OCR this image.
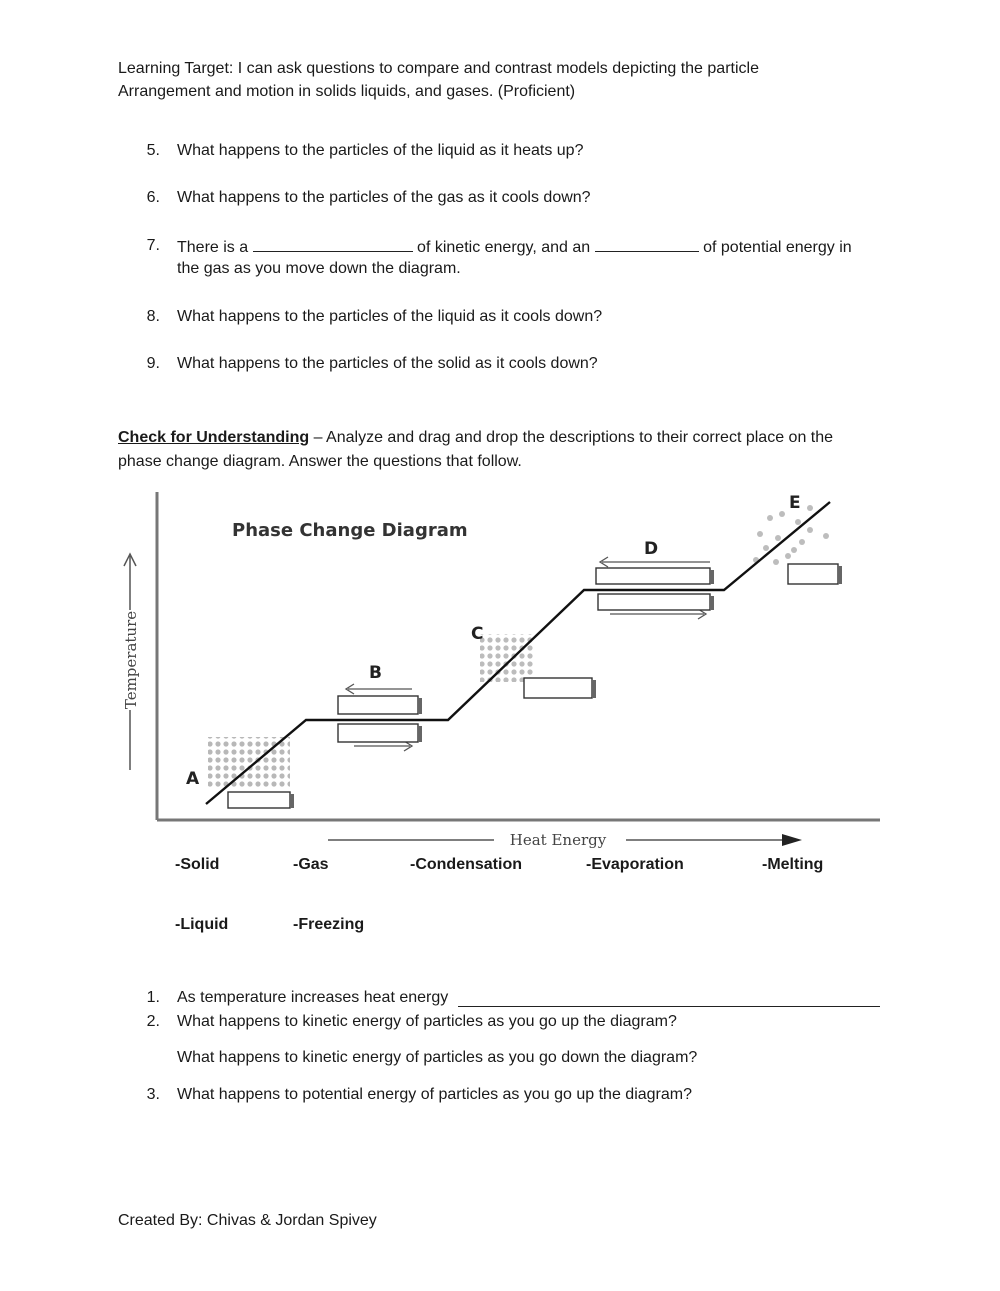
Learning Target: I can ask questions to compare and contrast models depicting the particle
Arrangement and motion in solids liquids, and gases. (Proficient)
5. What happens to the particles of the liquid as it heats up?
6. What happens to the particles of the gas as it cools down?
7. There is a	of kinetic energy, and an	of potential energy in
the gas as you move down the diagram.
8. What happens to the particles of the liquid as it cools down?
9. What happens to the particles of the solid as it cools down?
Check for Understanding – Analyze and drag and drop the descriptions to their correct place on the
phase change diagram. Answer the questions that follow.
Phase Change Diagram
Temperature
Heat Energy
A
B
C
D
E
-Solid	-Gas	-Condensation	-Evaporation	-Melting
-Liquid	-Freezing
1. As temperature increases heat energy
2. What happens to kinetic energy of particles as you go up the diagram?
What happens to kinetic energy of particles as you go down the diagram?
3. What happens to potential energy of particles as you go up the diagram?
Created By: Chivas & Jordan Spivey
